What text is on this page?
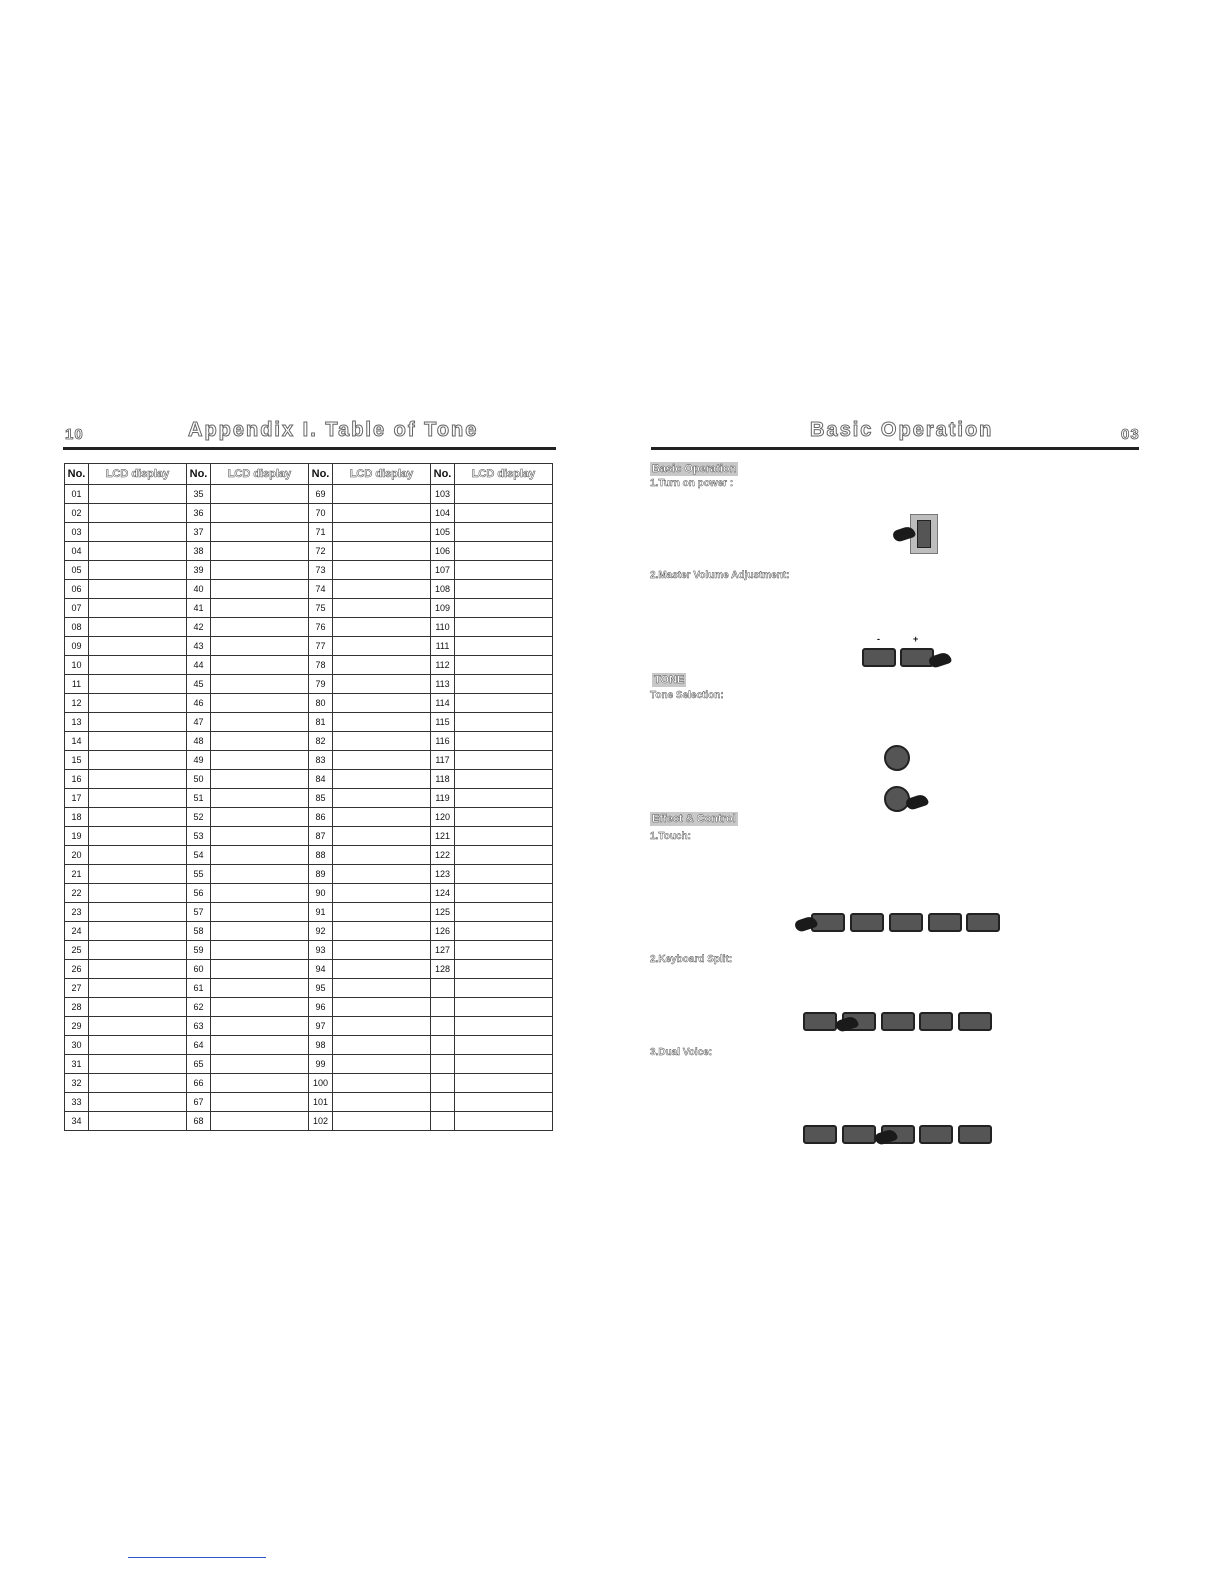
10	Appendix I. Table of Tone
No.	LCD display	No.	LCD display	No.	LCD display	No.	LCD display
01		35		69		103	
02		36		70		104	
03		37		71		105	
04		38		72		106	
05		39		73		107	
06		40		74		108	
07		41		75		109	
08		42		76		110	
09		43		77		111	
10		44		78		112	
11		45		79		113	
12		46		80		114	
13		47		81		115	
14		48		82		116	
15		49		83		117	
16		50		84		118	
17		51		85		119	
18		52		86		120	
19		53		87		121	
20		54		88		122	
21		55		89		123	
22		56		90		124	
23		57		91		125	
24		58		92		126	
25		59		93		127	
26		60		94		128	
27		61		95			
28		62		96			
29		63		97			
30		64		98			
31		65		99			
32		66		100			
33		67		101			
34		68		102			
Basic Operation	03
Basic Operation
1.Turn on power :
2.Master Volume Adjustment:
-	+
TONE
Tone Selection:
Effect & Control
1.Touch:
2.Keyboard Split:
3.Dual Voice:
